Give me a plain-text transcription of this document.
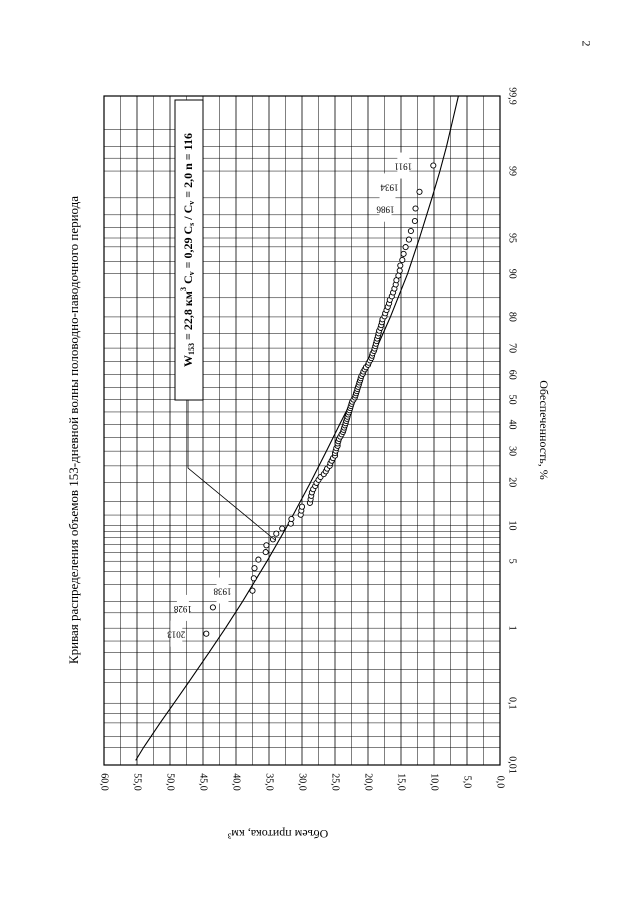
2
60,0 55,0 50,0 45,0 40,0 35,0 30,0 25,0 20,0 15,0 10,0 5,0 0,0
0,01
0,1
1
5
10
20
30
40
50
60
70
80
90
95
99
99,9
Обеспеченность, %
Объем притока, км³
Кривая распределения объемов 153-дневной волны половодно-паводочного периода	2013
1928
1938
1986
1934
1911
$W_{153} = 22,8$ $км^3$ $C_v = 0,29$ $C_s / C_v = 2,0$ n = 116
